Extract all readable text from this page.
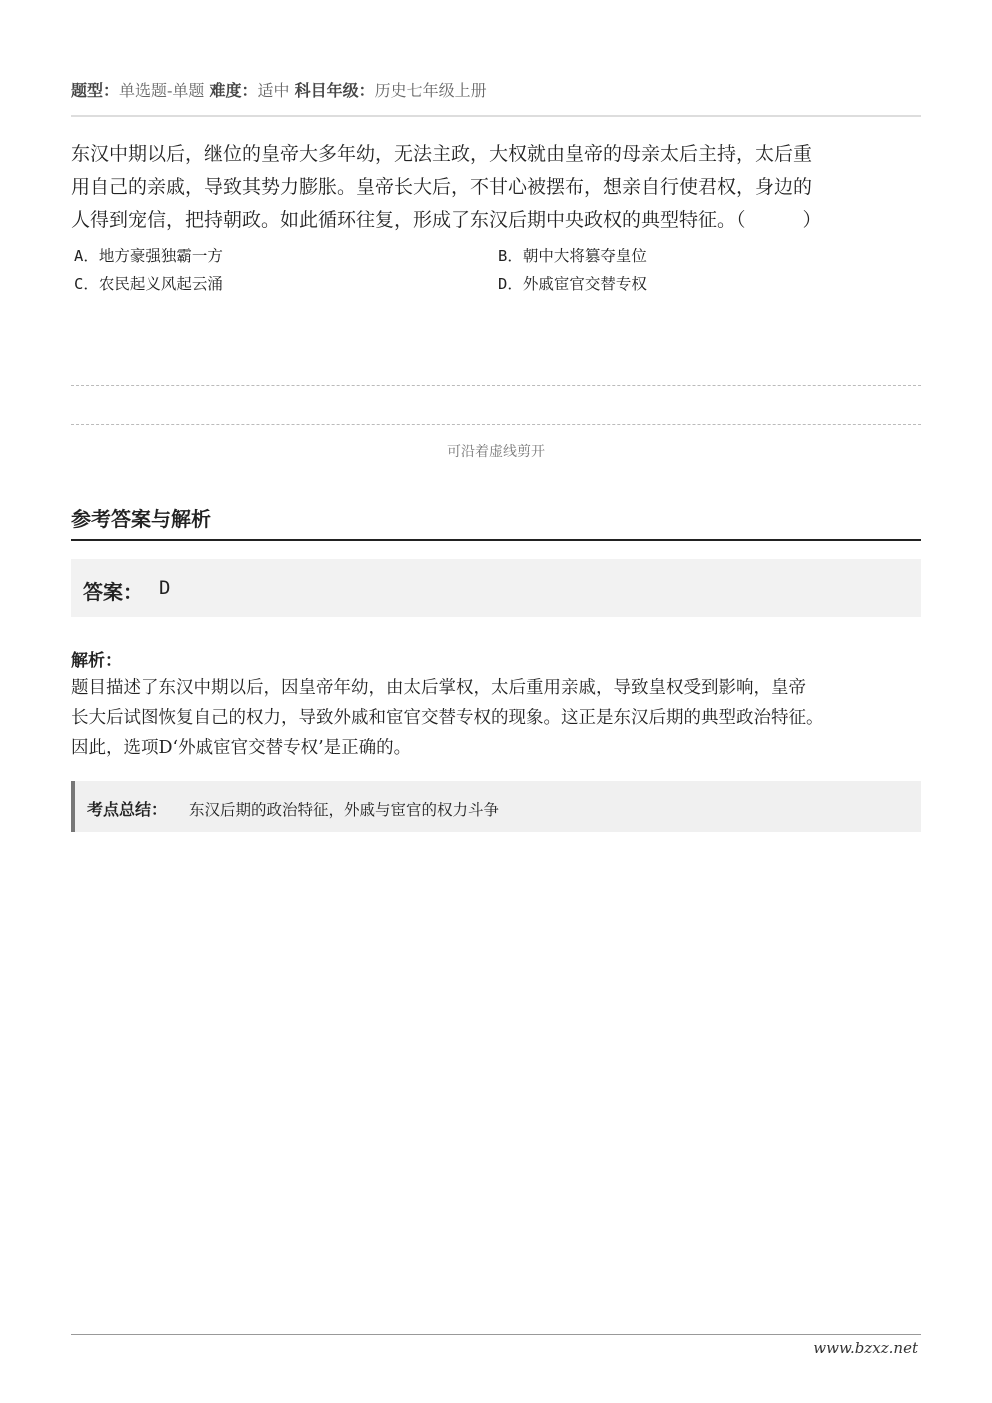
题型：单选题-单题 难度：适中 科目年级：历史七年级上册
东汉中期以后，继位的皇帝大多年幼，无法主政，大权就由皇帝的母亲太后主持，太后重
用自己的亲戚，导致其势力膨胀。皇帝长大后，不甘心被摆布，想亲自行使君权，身边的
人得到宠信，把持朝政。如此循环往复，形成了东汉后期中央政权的典型特征。（　　　）
A．地方豪强独霸一方	B．朝中大将篡夺皇位
C．农民起义风起云涌	D．外戚宦官交替专权
可沿着虚线剪开
参考答案与解析
答案： D
解析：
题目描述了东汉中期以后，因皇帝年幼，由太后掌权，太后重用亲戚，导致皇权受到影响，皇帝
长大后试图恢复自己的权力，导致外戚和宦官交替专权的现象。这正是东汉后期的典型政治特征。
因此，选项D‘外戚宦官交替专权’是正确的。
考点总结： 东汉后期的政治特征，外戚与宦官的权力斗争
www.bzxz.net
